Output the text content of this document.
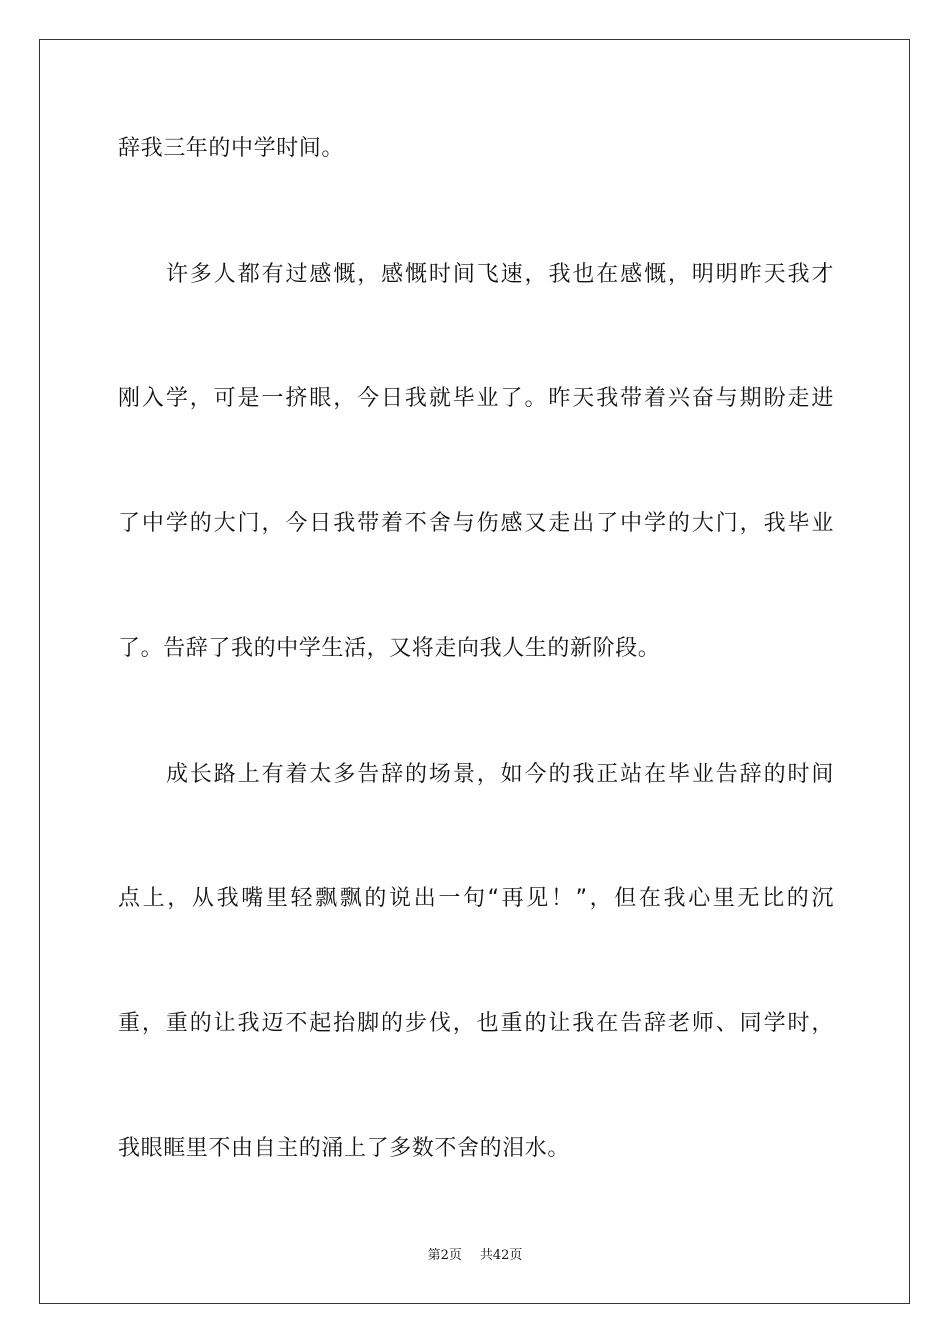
辞我三年的中学时间。
许多人都有过感慨，感慨时间飞速，我也在感慨，明明昨天我才
刚入学，可是一挤眼，今日我就毕业了。昨天我带着兴奋与期盼走进
了中学的大门，今日我带着不舍与伤感又走出了中学的大门，我毕业
了。告辞了我的中学生活，又将走向我人生的新阶段。
成长路上有着太多告辞的场景，如今的我正站在毕业告辞的时间
点上，从我嘴里轻飘飘的说出一句“再见！”，但在我心里无比的沉
重，重的让我迈不起抬脚的步伐，也重的让我在告辞老师、同学时，
我眼眶里不由自主的涌上了多数不舍的泪水。
第2页 共42页
